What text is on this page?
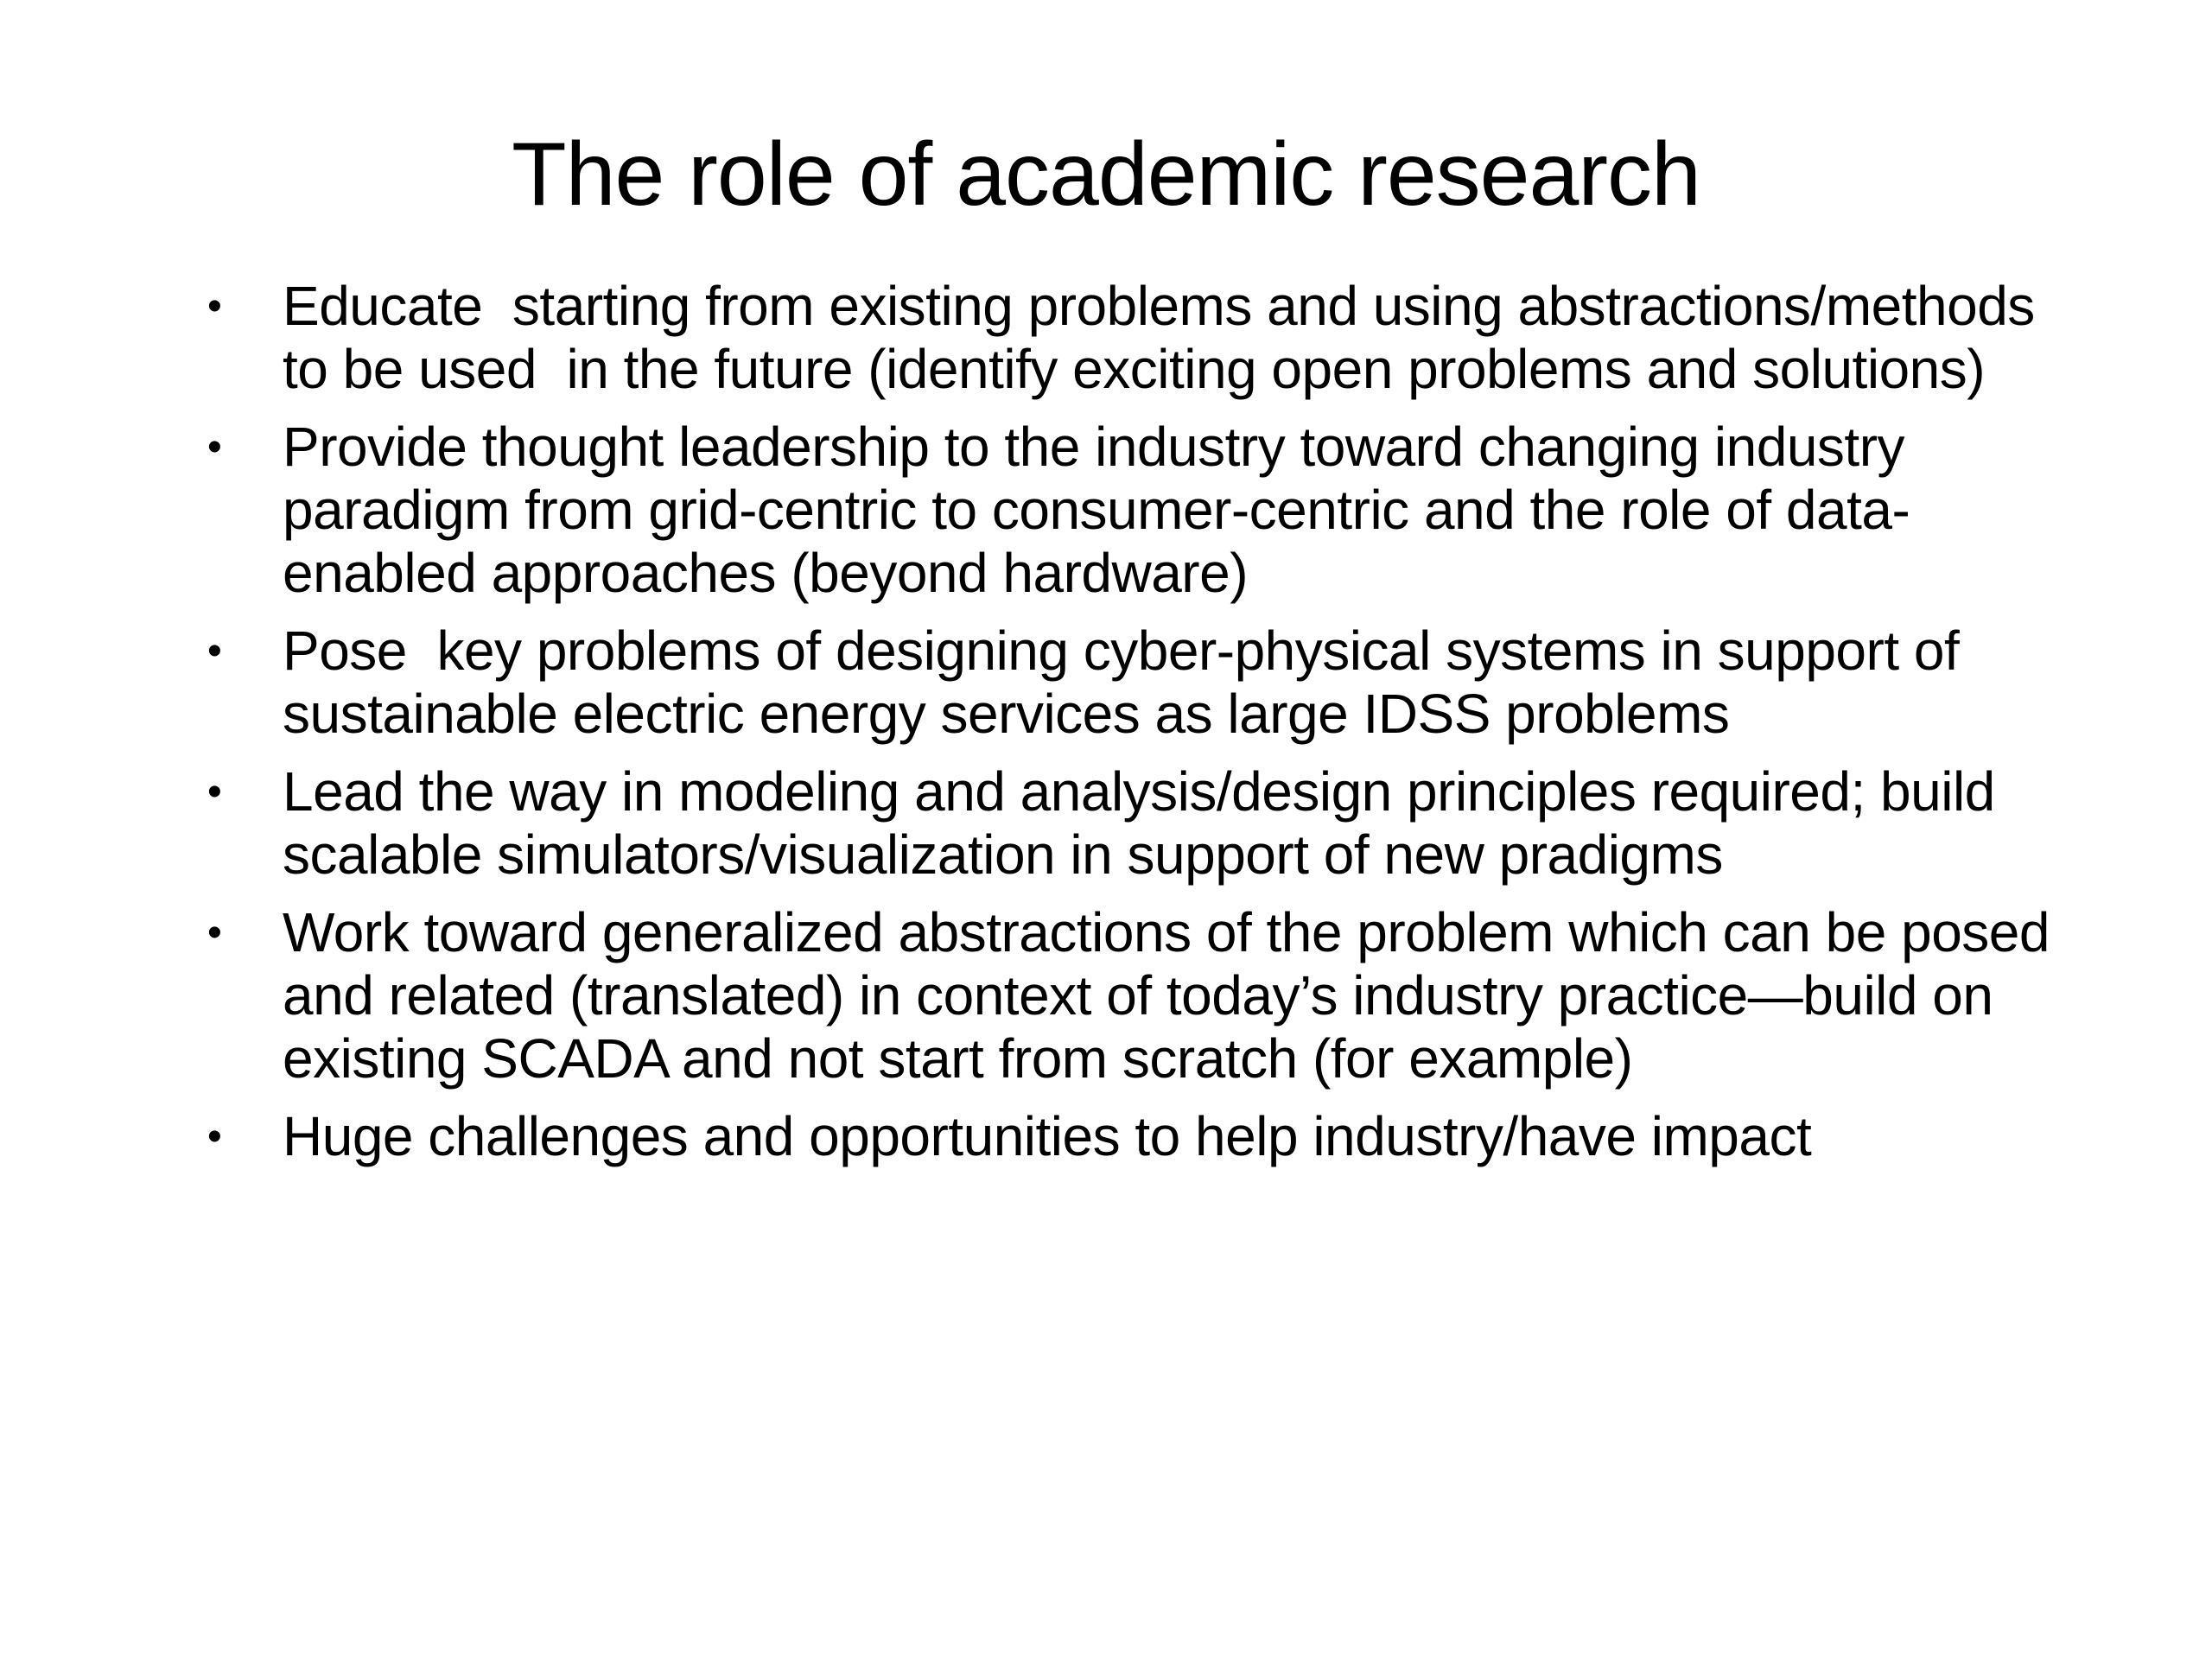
The role of academic research
• Educate  starting from existing problems and using abstractions/methods  to be used  in the future (identify exciting open problems and solutions)
• Provide thought leadership to the industry toward changing industry paradigm from grid-centric to consumer-centric and the role of data-enabled approaches (beyond hardware)
• Pose  key problems of designing cyber-physical systems in support of sustainable electric energy services as large IDSS problems
• Lead the way in modeling and analysis/design principles required; build scalable simulators/visualization in support of new pradigms
• Work toward generalized abstractions of the problem which can be posed and related (translated) in context of today’s industry practice—build on existing SCADA and not start from scratch (for example)
• Huge challenges and opportunities to help industry/have impact
